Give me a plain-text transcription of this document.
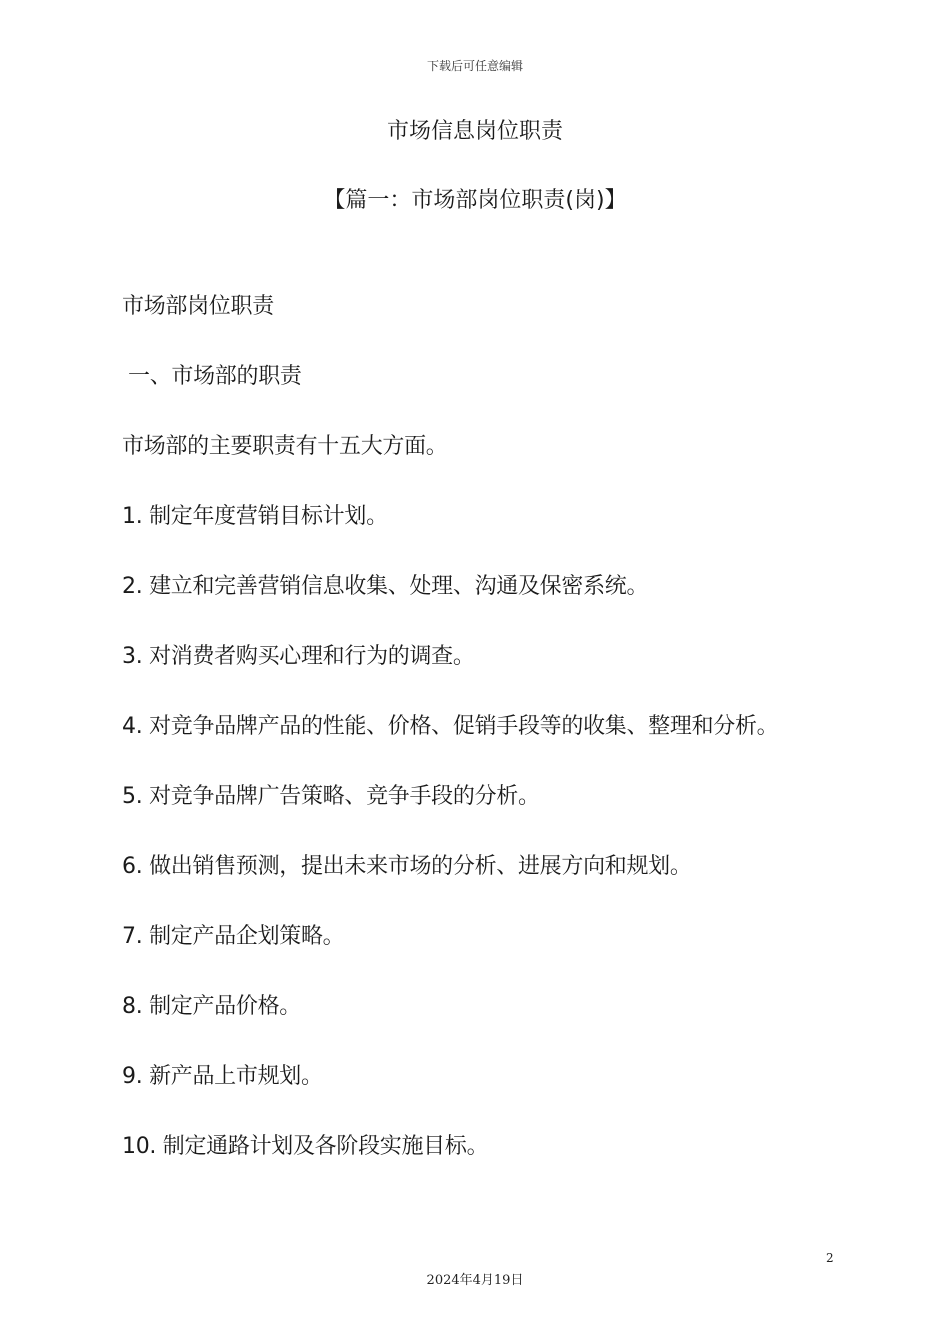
下载后可任意编辑
市场信息岗位职责
【篇一：市场部岗位职责(岗)】

市场部岗位职责

一、市场部的职责

市场部的主要职责有十五大方面。

1. 制定年度营销目标计划。

2. 建立和完善营销信息收集、处理、沟通及保密系统。

3. 对消费者购买心理和行为的调查。

4. 对竞争品牌产品的性能、价格、促销手段等的收集、整理和分析。

5. 对竞争品牌广告策略、竞争手段的分析。

6. 做出销售预测，提出未来市场的分析、进展方向和规划。

7. 制定产品企划策略。

8. 制定产品价格。

9. 新产品上市规划。

10. 制定通路计划及各阶段实施目标。

2
2024年4月19日
